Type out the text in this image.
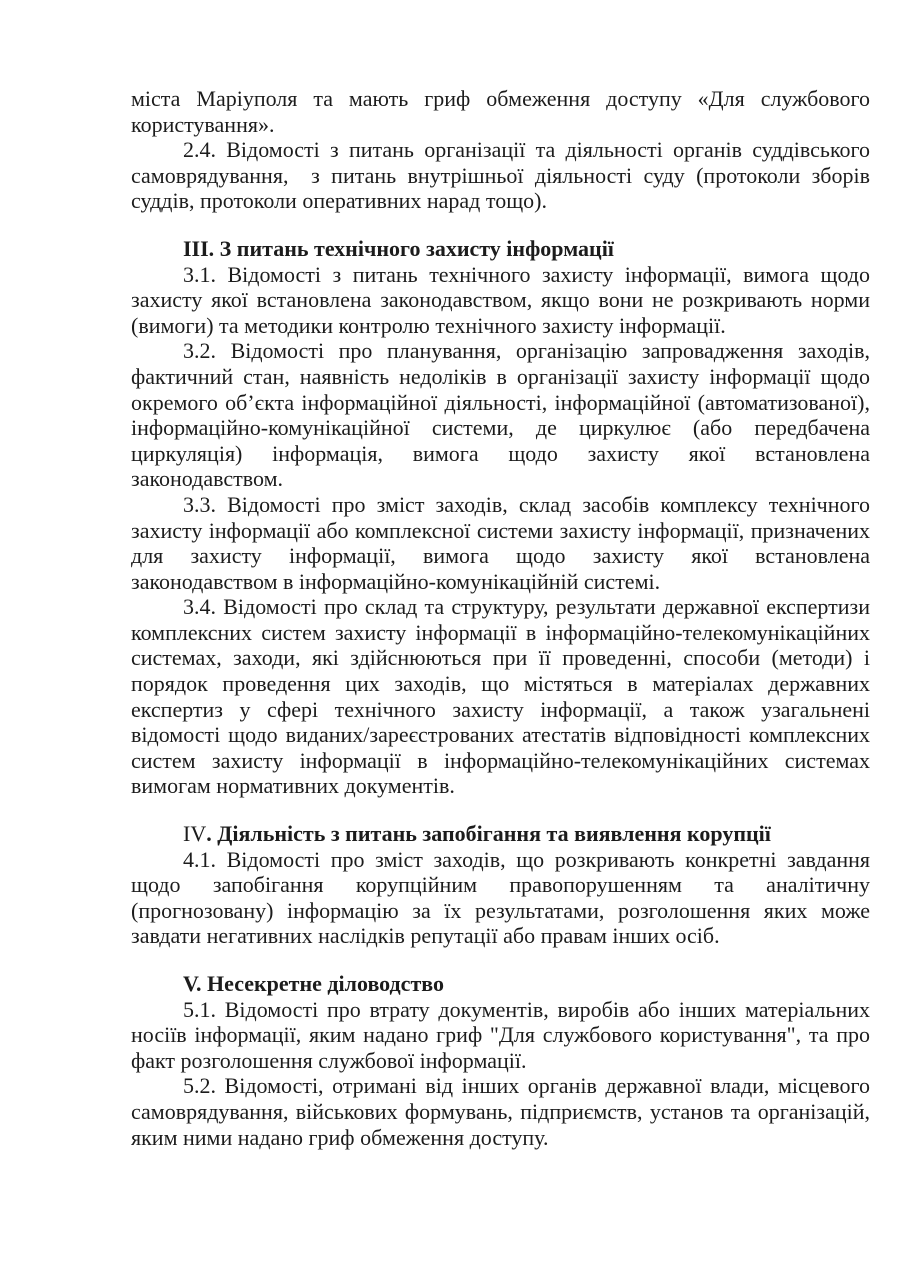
міста Маріуполя та мають гриф обмеження доступу «Для службового користування».

2.4. Відомості з питань організації та діяльності органів суддівського самоврядування,  з питань внутрішньої діяльності суду (протоколи зборів суддів, протоколи оперативних нарад тощо).

III. З питань технічного захисту інформації

3.1. Відомості з питань технічного захисту інформації, вимога щодо захисту якої встановлена законодавством, якщо вони не розкривають норми (вимоги) та методики контролю технічного захисту інформації.

3.2. Відомості про планування, організацію запровадження заходів, фактичний стан, наявність недоліків в організації захисту інформації щодо окремого об’єкта інформаційної діяльності, інформаційної (автоматизованої), інформаційно-комунікаційної системи, де циркулює (або передбачена циркуляція) інформація, вимога щодо захисту якої встановлена законодавством.

3.3. Відомості про зміст заходів, склад засобів комплексу технічного захисту інформації або комплексної системи захисту інформації, призначених для захисту інформації, вимога щодо захисту якої встановлена законодавством в інформаційно-комунікаційній системі.

3.4. Відомості про склад та структуру, результати державної експертизи комплексних систем захисту інформації в інформаційно-телекомунікаційних системах, заходи, які здійснюються при її проведенні, способи (методи) і порядок проведення цих заходів, що містяться в матеріалах державних експертиз у сфері технічного захисту інформації, а також узагальнені відомості щодо виданих/зареєстрованих атестатів відповідності комплексних систем захисту інформації в інформаційно-телекомунікаційних системах вимогам нормативних документів.

IV. Діяльність з питань запобігання та виявлення корупції

4.1. Відомості про зміст заходів, що розкривають конкретні завдання щодо запобігання корупційним правопорушенням та аналітичну (прогнозовану) інформацію за їх результатами, розголошення яких може завдати негативних наслідків репутації або правам інших осіб.

V. Несекретне діловодство

5.1. Відомості про втрату документів, виробів або інших матеріальних носіїв інформації, яким надано гриф "Для службового користування", та про факт розголошення службової інформації.

5.2. Відомості, отримані від інших органів державної влади, місцевого самоврядування, військових формувань, підприємств, установ та організацій, яким ними надано гриф обмеження доступу.
